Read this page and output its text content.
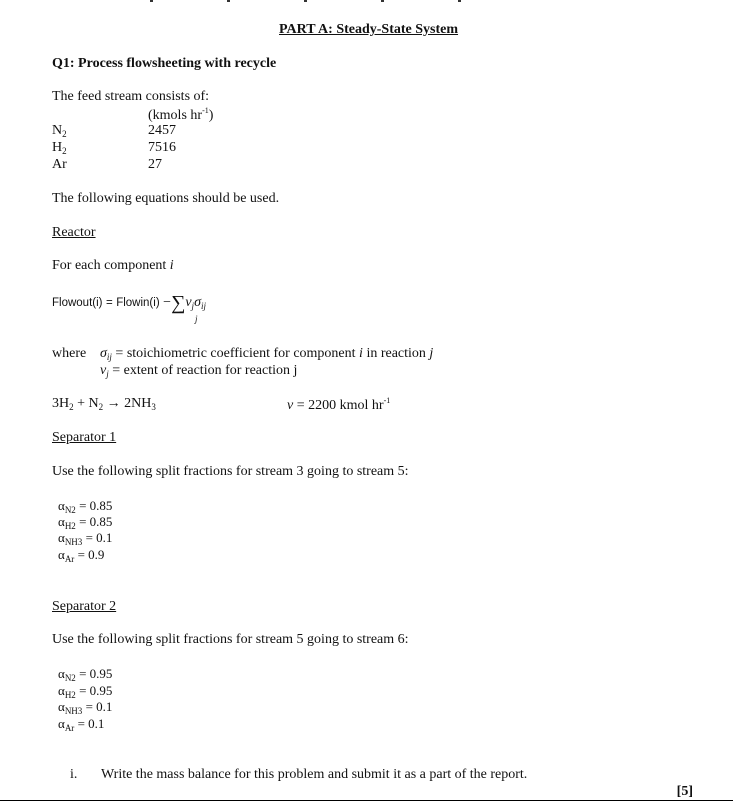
PART A: Steady-State System
Q1: Process flowsheeting with recycle
The feed stream consists of:
(kmols $hr^{-1}$)
$N_2$	2457
$H_2$	7516
Ar	27
The following equations should be used.
Reactor
For each component i
Flowout(i) = Flowin(i) $-\sum v_j\sigma_{ij}$
j
where $\sigma_{ij}$ = stoichiometric coefficient for component i in reaction j
$v_j$ = extent of reaction for reaction j
$3H_2 + N_2 \to 2NH_3$	v = 2200 kmol $hr^{-1}$
Separator 1
Use the following split fractions for stream 3 going to stream 5:
$\alpha_{N2} = 0.85$
$\alpha_{H2} = 0.85$
$\alpha_{NH3} = 0.1$
$\alpha_{Ar} = 0.9$
Separator 2
Use the following split fractions for stream 5 going to stream 6:
$\alpha_{N2} = 0.95$
$\alpha_{H2} = 0.95$
$\alpha_{NH3} = 0.1$
$\alpha_{Ar} = 0.1$
i. Write the mass balance for this problem and submit it as a part of the report.
[5]
